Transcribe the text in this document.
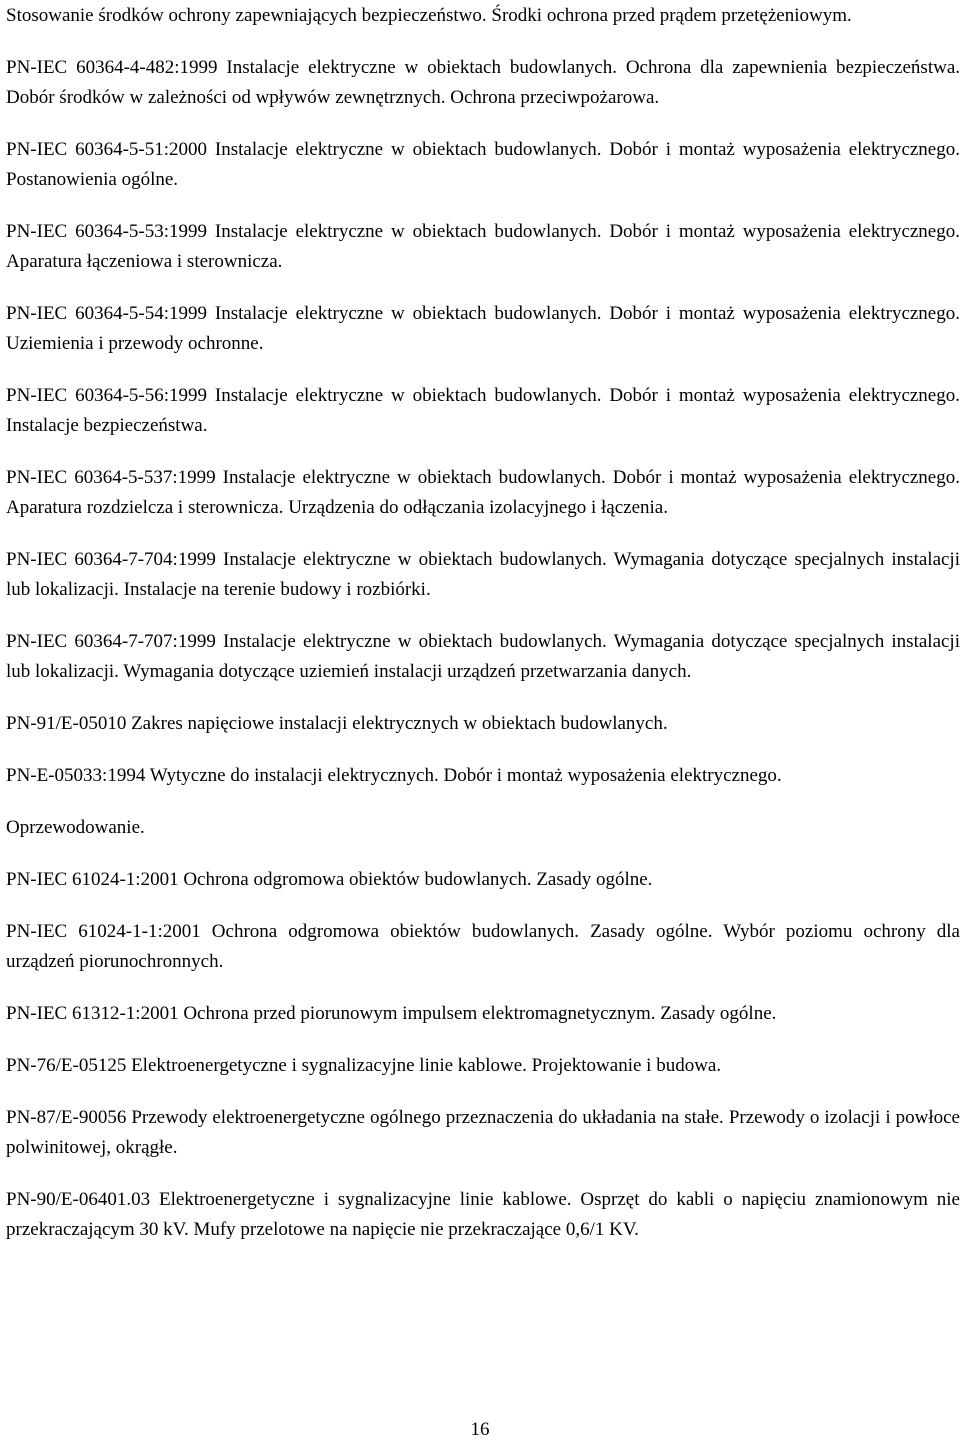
Stosowanie środków ochrony zapewniających bezpieczeństwo. Środki ochrona przed prądem przetężeniowym.

PN-IEC 60364-4-482:1999 Instalacje elektryczne w obiektach budowlanych. Ochrona dla zapewnienia bezpieczeństwa. Dobór środków w zależności od wpływów zewnętrznych. Ochrona przeciwpożarowa.

PN-IEC 60364-5-51:2000 Instalacje elektryczne w obiektach budowlanych. Dobór i montaż wyposażenia elektrycznego. Postanowienia ogólne.

PN-IEC 60364-5-53:1999 Instalacje elektryczne w obiektach budowlanych. Dobór i montaż wyposażenia elektrycznego. Aparatura łączeniowa i sterownicza.

PN-IEC 60364-5-54:1999 Instalacje elektryczne w obiektach budowlanych. Dobór i montaż wyposażenia elektrycznego. Uziemienia i przewody ochronne.

PN-IEC 60364-5-56:1999 Instalacje elektryczne w obiektach budowlanych. Dobór i montaż wyposażenia elektrycznego. Instalacje bezpieczeństwa.

PN-IEC 60364-5-537:1999 Instalacje elektryczne w obiektach budowlanych. Dobór i montaż wyposażenia elektrycznego. Aparatura rozdzielcza i sterownicza. Urządzenia do odłączania izolacyjnego i łączenia.

PN-IEC 60364-7-704:1999 Instalacje elektryczne w obiektach budowlanych. Wymagania dotyczące specjalnych instalacji lub lokalizacji. Instalacje na terenie budowy i rozbiórki.

PN-IEC 60364-7-707:1999 Instalacje elektryczne w obiektach budowlanych. Wymagania dotyczące specjalnych instalacji lub lokalizacji. Wymagania dotyczące uziemień instalacji urządzeń przetwarzania danych.

PN-91/E-05010 Zakres napięciowe instalacji elektrycznych w obiektach budowlanych.

PN-E-05033:1994 Wytyczne do instalacji elektrycznych. Dobór i montaż wyposażenia elektrycznego.

Oprzewodowanie.

PN-IEC 61024-1:2001 Ochrona odgromowa obiektów budowlanych. Zasady ogólne.

PN-IEC 61024-1-1:2001 Ochrona odgromowa obiektów budowlanych. Zasady ogólne. Wybór poziomu ochrony dla urządzeń piorunochronnych.

PN-IEC 61312-1:2001 Ochrona przed piorunowym impulsem elektromagnetycznym. Zasady ogólne.

PN-76/E-05125 Elektroenergetyczne i sygnalizacyjne linie kablowe. Projektowanie i budowa.

PN-87/E-90056 Przewody elektroenergetyczne ogólnego przeznaczenia do układania na stałe. Przewody o izolacji i powłoce polwinitowej, okrągłe.

PN-90/E-06401.03 Elektroenergetyczne i sygnalizacyjne linie kablowe. Osprzęt do kabli o napięciu znamionowym nie przekraczającym 30 kV. Mufy przelotowe na napięcie nie przekraczające 0,6/1 KV.

16
